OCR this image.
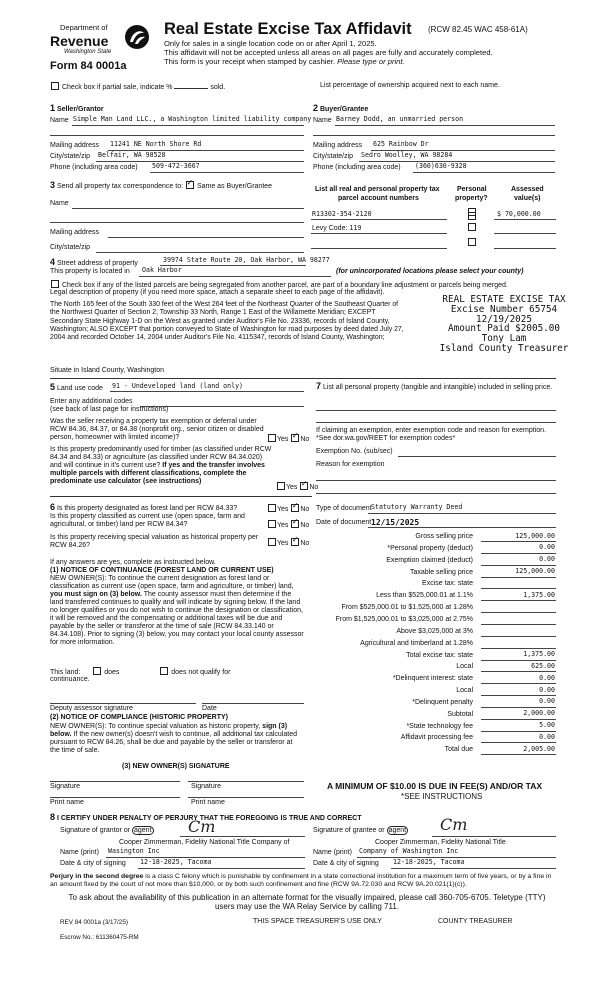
Department of
Revenue
Washington State
Form 84 0001a
Real Estate Excise Tax Affidavit (RCW 82.45 WAC 458-61A)
Only for sales in a single location code on or after April 1, 2025.
This affidavit will not be accepted unless all areas on all pages are fully and accurately completed.
This form is your receipt when stamped by cashier. Please type or print.
Check box if partial sale, indicate %	sold.	List percentage of ownership acquired next to each name.
1 Seller/Grantor
Name Simple Man Land LLC., a Washington limited liability company
Mailing address 11241 NE North Shore Rd
City/state/zip Belfair, WA 98528
Phone (including area code) 509-472-3667
2 Buyer/Grantee
Name Barney Dodd, an unmarried person
Mailing address 625 Rainbow Dr
City/state/zip Sedro Woolley, WA 98284
Phone (including area code) (360)630-9328
3 Send all property tax correspondence to: ✓ Same as Buyer/Grantee
Name
Mailing address
City/state/zip
List all real and personal property tax
parcel account numbers
Personal
property?
Assessed
value(s)
R13302-354-2120	$ 70,000.00
Levy Code: 119
4 Street address of property	39974 State Route 20, Oak Harbor, WA 98277
This property is located in Oak Harbor	(for unincorporated locations please select your county)
Check box if any of the listed parcels are being segregated from another parcel, are part of a boundary line adjustment or parcels being merged.
Legal description of property (if you need more space, attach a separate sheet to each page of the affidavit).
The North 165 feet of the South 330 feet of the West 264 feet of the Northeast Quarter of the Southeast Quarter of the Northwest Quarter of Section 2, Township 33 North, Range 1 East of the Willamette Meridian; EXCEPT Secondary State Highway 1-D on the West as granted under Auditor's File No. 23336, records of Island County, Washington; ALSO EXCEPT that portion conveyed to State of Washington for road purposes by deed dated July 27, 2004 and recorded October 14, 2004 under Auditor's File No. 4115347, records of Island County, Washington;
Situate in Island County, Washington
REAL ESTATE EXCISE TAX
Excise Number 65754
12/19/2025
Amount Paid $2005.00
Tony Lam
Island County Treasurer
5 Land use code 91 - Undeveloped land (land only)
Enter any additional codes
(see back of last page for instructions)
Was the seller receiving a property tax exemption or deferral under RCW 84.36, 84.37, or 84.38 (nonprofit org., senior citizen or disabled person, homeowner with limited income)?	Yes ✓ No
Is this property predominantly used for timber (as classified under RCW 84.34 and 84.33) or agriculture (as classified under RCW 84.34.020) and will continue in it's current use? If yes and the transfer involves multiple parcels with different classifications, complete the predominate use calculator (see instructions)
Yes ✓ No
7 List all personal property (tangible and intangible) included in selling price.
If claiming an exemption, enter exemption code and reason for exemption. *See dor.wa.gov/REET for exemption codes*
Exemption No. (sub/sec)
Reason for exemption
6 Is this property designated as forest land per RCW 84.33?	Yes ✓ No
Is this property classified as current use (open space, farm and agricultural, or timber) land per RCW 84.34?	Yes ✓ No
Is this property receiving special valuation as historical property per RCW 84.26?	Yes ✓ No
If any answers are yes, complete as instructed below.
(1) NOTICE OF CONTINUANCE (FOREST LAND OR CURRENT USE)
NEW OWNER(S): To continue the current designation as forest land or classification as current use (open space, farm and agriculture, or timber) land, you must sign on (3) below. The county assessor must then determine if the land transferred continues to qualify and will indicate by signing below. If the land no longer qualifies or you do not wish to continue the designation or classification, it will be removed and the compensating or additional taxes will be due and payable by the seller or transferor at the time of sale (RCW 84.33.140 or 84.34.108). Prior to signing (3) below, you may contact your local county assessor for more information.
This land:	does	does not qualify for
continuance.
Deputy assessor signature	Date
(2) NOTICE OF COMPLIANCE (HISTORIC PROPERTY)
NEW OWNER(S): To continue special valuation as historic property, sign (3) below. If the new owner(s) doesn't wish to continue, all additional tax calculated pursuant to RCW 84.26, shall be due and payable by the seller or transferor at the time of sale.
(3) NEW OWNER(S) SIGNATURE
Signature	Signature
Print name	Print name
Type of document Statutory Warranty Deed
Date of document 12/15/2025
Gross selling price	125,000.00
*Personal property (deduct)	0.00
Exemption claimed (deduct)	0.00
Taxable selling price	125,000.00
Excise tax: state
Less than $525,000.01 at 1.1%	1,375.00
From $525,000.01 to $1,525,000 at 1.28%
From $1,525,000.01 to $3,025,000 at 2.75%
Above $3,025,000 at 3%
Agricultural and timberland at 1.28%
Total excise tax: state	1,375.00
Local	625.00
*Delinquent interest: state	0.00
Local	0.00
*Delinquent penalty	0.00
Subtotal	2,000.00
*State technology fee	5.00
Affidavit processing fee	0.00
Total due	2,005.00
A MINIMUM OF $10.00 IS DUE IN FEE(S) AND/OR TAX
*SEE INSTRUCTIONS
8 I CERTIFY UNDER PENALTY OF PERJURY THAT THE FOREGOING IS TRUE AND CORRECT
Signature of grantor or agent Cm
Cooper Zimmerman, Fidelity National Title Company of
Name (print) Wasington Inc
Date & city of signing 12-18-2025, Tacoma
Signature of grantee or agent Cm
Cooper Zimmerman, Fidelity National Title
Name (print) Company of Washington Inc
Date & city of signing 12-18-2025, Tacoma
Perjury in the second degree is a class C felony which is punishable by confinement in a state correctional institution for a maximum term of five years, or by a fine in an amount fixed by the court of not more than $10,000, or by both such confinement and fine (RCW 9A.72.030 and RCW 9A.20.021(1)(c)).
To ask about the availability of this publication in an alternate format for the visually impaired, please call 360-705-6705. Teletype (TTY) users may use the WA Relay Service by calling 711.
REV 84 0001a (3/17/25)	THIS SPACE TREASURER'S USE ONLY	COUNTY TREASURER
Escrow No.: 611360475-RM
